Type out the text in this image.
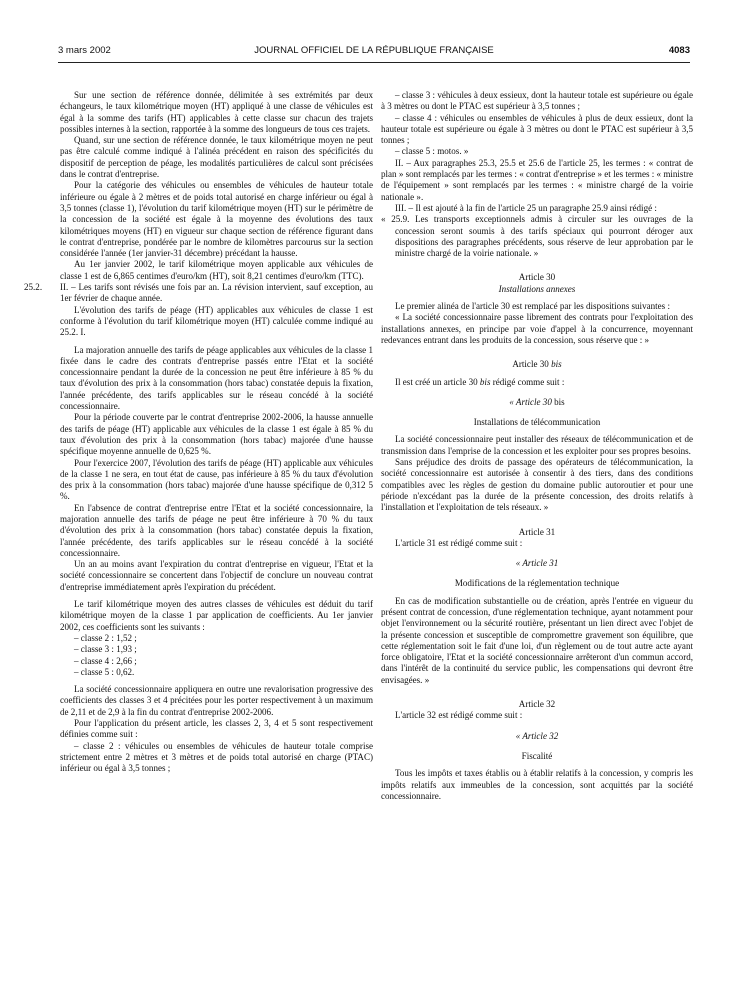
3 mars 2002	JOURNAL OFFICIEL DE LA RÉPUBLIQUE FRANÇAISE	4083

Sur une section de référence donnée, délimitée à ses extrémités par deux échangeurs, le taux kilométrique moyen (HT) appliqué à une classe de véhicules est égal à la somme des tarifs (HT) applicables à cette classe sur chacun des trajets possibles internes à la section, rapportée à la somme des longueurs de tous ces trajets.

Quand, sur une section de référence donnée, le taux kilométrique moyen ne peut pas être calculé comme indiqué à l'alinéa précédent en raison des spécificités du dispositif de perception de péage, les modalités particulières de calcul sont précisées dans le contrat d'entreprise.

Pour la catégorie des véhicules ou ensembles de véhicules de hauteur totale inférieure ou égale à 2 mètres et de poids total autorisé en charge inférieur ou égal à 3,5 tonnes (classe 1), l'évolution du tarif kilométrique moyen (HT) sur le périmètre de la concession de la société est égale à la moyenne des évolutions des taux kilométriques moyens (HT) en vigueur sur chaque section de référence figurant dans le contrat d'entreprise, pondérée par le nombre de kilomètres parcourus sur la section considérée l'année (1er janvier-31 décembre) précédant la hausse.

Au 1er janvier 2002, le tarif kilométrique moyen applicable aux véhicules de classe 1 est de 6,865 centimes d'euro/km (HT), soit 8,21 centimes d'euro/km (TTC).

25.2. II. – Les tarifs sont révisés une fois par an. La révision intervient, sauf exception, au 1er février de chaque année.

L'évolution des tarifs de péage (HT) applicables aux véhicules de classe 1 est conforme à l'évolution du tarif kilométrique moyen (HT) calculée comme indiqué au 25.2. I.

La majoration annuelle des tarifs de péage applicables aux véhicules de la classe 1 fixée dans le cadre des contrats d'entreprise passés entre l'Etat et la société concessionnaire pendant la durée de la concession ne peut être inférieure à 85 % du taux d'évolution des prix à la consommation (hors tabac) constatée depuis la fixation, l'année précédente, des tarifs applicables sur le réseau concédé à la société concessionnaire.

Pour la période couverte par le contrat d'entreprise 2002-2006, la hausse annuelle des tarifs de péage (HT) applicable aux véhicules de la classe 1 est égale à 85 % du taux d'évolution des prix à la consommation (hors tabac) majorée d'une hausse spécifique moyenne annuelle de 0,625 %.

Pour l'exercice 2007, l'évolution des tarifs de péage (HT) applicable aux véhicules de la classe 1 ne sera, en tout état de cause, pas inférieure à 85 % du taux d'évolution des prix à la consommation (hors tabac) majorée d'une hausse spécifique de 0,312 5 %.

En l'absence de contrat d'entreprise entre l'Etat et la société concessionnaire, la majoration annuelle des tarifs de péage ne peut être inférieure à 70 % du taux d'évolution des prix à la consommation (hors tabac) constatée depuis la fixation, l'année précédente, des tarifs applicables sur le réseau concédé à la société concessionnaire.

Un an au moins avant l'expiration du contrat d'entreprise en vigueur, l'Etat et la société concessionnaire se concertent dans l'objectif de conclure un nouveau contrat d'entreprise immédiatement après l'expiration du précédent.

Le tarif kilométrique moyen des autres classes de véhicules est déduit du tarif kilométrique moyen de la classe 1 par application de coefficients. Au 1er janvier 2002, ces coefficients sont les suivants :

– classe 2 : 1,52 ;

– classe 3 : 1,93 ;

– classe 4 : 2,66 ;

– classe 5 : 0,62.

La société concessionnaire appliquera en outre une revalorisation progressive des coefficients des classes 3 et 4 précitées pour les porter respectivement à un maximum de 2,11 et de 2,9 à la fin du contrat d'entreprise 2002-2006.

Pour l'application du présent article, les classes 2, 3, 4 et 5 sont respectivement définies comme suit :

– classe 2 : véhicules ou ensembles de véhicules de hauteur totale comprise strictement entre 2 mètres et 3 mètres et de poids total autorisé en charge (PTAC) inférieur ou égal à 3,5 tonnes ;

– classe 3 : véhicules à deux essieux, dont la hauteur totale est supérieure ou égale à 3 mètres ou dont le PTAC est supérieur à 3,5 tonnes ;

– classe 4 : véhicules ou ensembles de véhicules à plus de deux essieux, dont la hauteur totale est supérieure ou égale à 3 mètres ou dont le PTAC est supérieur à 3,5 tonnes ;

– classe 5 : motos. »

II. – Aux paragraphes 25.3, 25.5 et 25.6 de l'article 25, les termes : « contrat de plan » sont remplacés par les termes : « contrat d'entreprise » et les termes : « ministre de l'équipement » sont remplacés par les termes : « ministre chargé de la voirie nationale ».

III. – Il est ajouté à la fin de l'article 25 un paragraphe 25.9 ainsi rédigé :

« 25.9. Les transports exceptionnels admis à circuler sur les ouvrages de la concession seront soumis à des tarifs spéciaux qui pourront déroger aux dispositions des paragraphes précédents, sous réserve de leur approbation par le ministre chargé de la voirie nationale. »

Article 30

Installations annexes

Le premier alinéa de l'article 30 est remplacé par les dispositions suivantes :

« La société concessionnaire passe librement des contrats pour l'exploitation des installations annexes, en principe par voie d'appel à la concurrence, moyennant redevances entrant dans les produits de la concession, sous réserve que : »

Article 30 bis

Il est créé un article 30 bis rédigé comme suit :

« Article 30 bis

Installations de télécommunication

La société concessionnaire peut installer des réseaux de télécommunication et de transmission dans l'emprise de la concession et les exploiter pour ses propres besoins.

Sans préjudice des droits de passage des opérateurs de télécommunication, la société concessionnaire est autorisée à consentir à des tiers, dans des conditions compatibles avec les règles de gestion du domaine public autoroutier et pour une période n'excédant pas la durée de la présente concession, des droits relatifs à l'installation et l'exploitation de tels réseaux. »

Article 31

L'article 31 est rédigé comme suit :

« Article 31

Modifications de la réglementation technique

En cas de modification substantielle ou de création, après l'entrée en vigueur du présent contrat de concession, d'une réglementation technique, ayant notamment pour objet l'environnement ou la sécurité routière, présentant un lien direct avec l'objet de la présente concession et susceptible de compromettre gravement son équilibre, que cette réglementation soit le fait d'une loi, d'un règlement ou de tout autre acte ayant force obligatoire, l'Etat et la société concessionnaire arrêteront d'un commun accord, dans l'intérêt de la continuité du service public, les compensations qui devront être envisagées. »

Article 32

L'article 32 est rédigé comme suit :

« Article 32

Fiscalité

Tous les impôts et taxes établis ou à établir relatifs à la concession, y compris les impôts relatifs aux immeubles de la concession, sont acquittés par la société concessionnaire.
